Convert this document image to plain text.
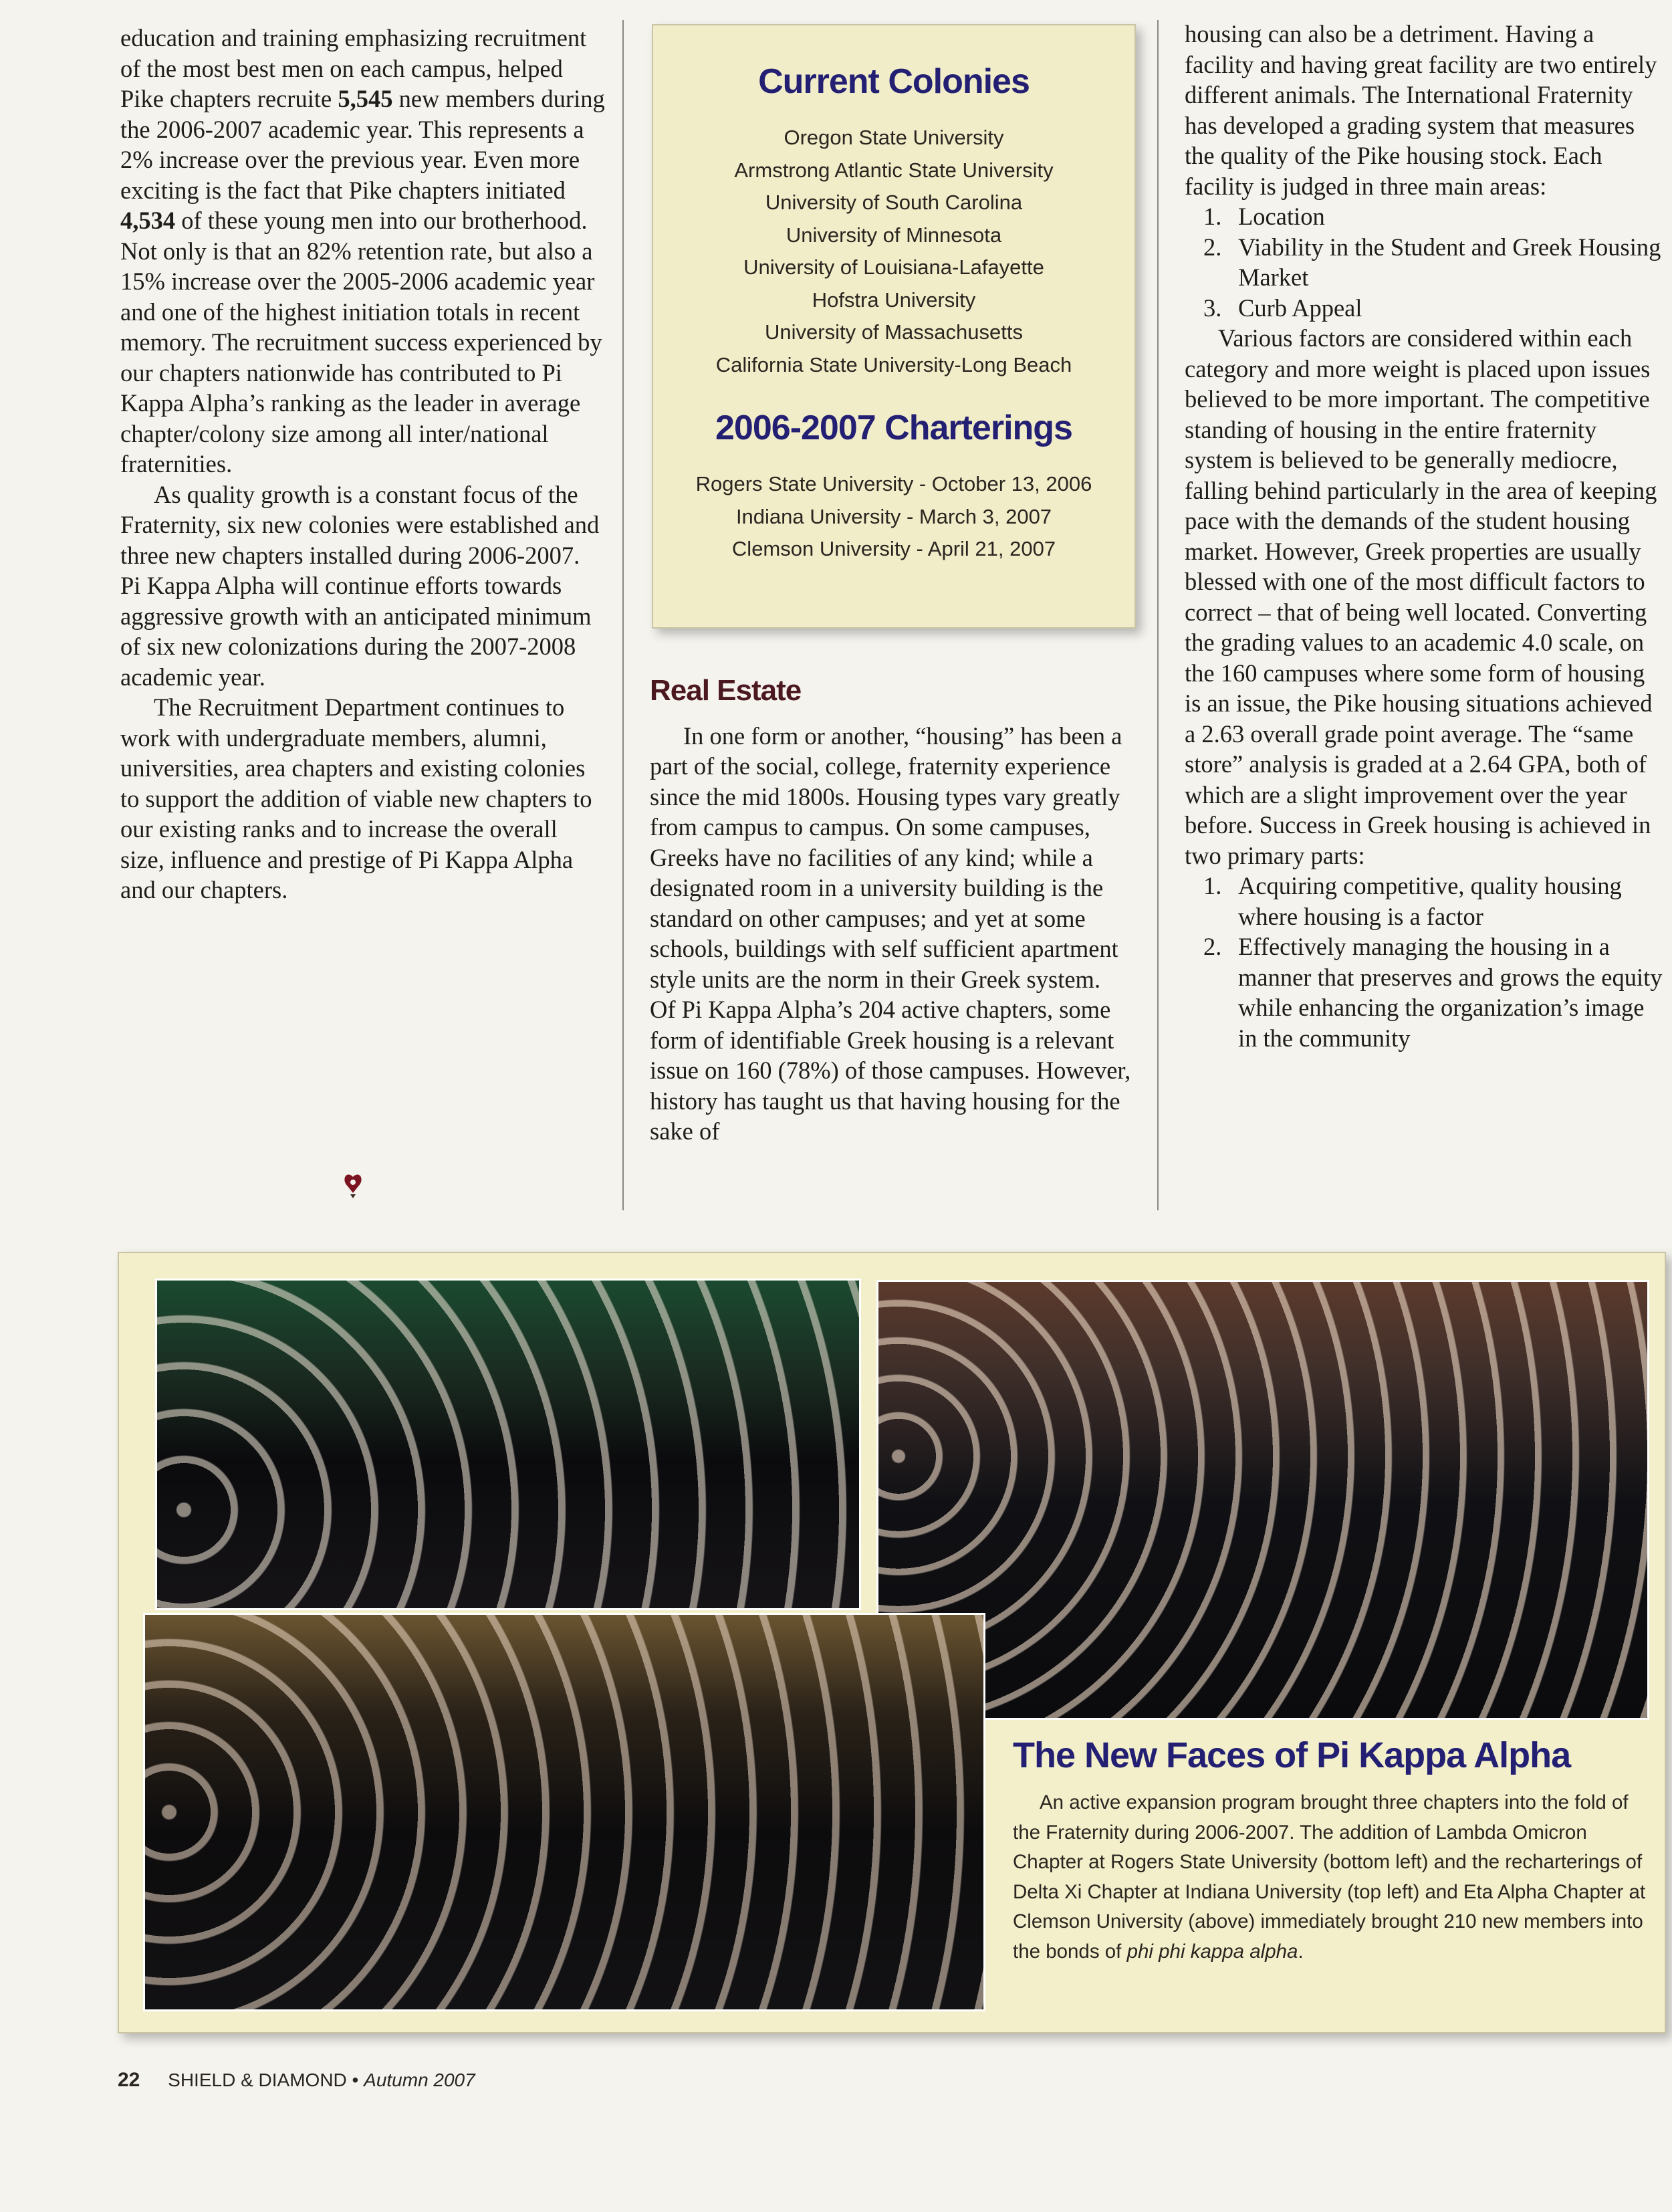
education and training emphasizing recruitment of the most best men on each campus, helped Pike chapters recruite 5,545 new members during the 2006-2007 academic year. This represents a 2% increase over the previous year. Even more exciting is the fact that Pike chapters initiated 4,534 of these young men into our brotherhood. Not only is that an 82% retention rate, but also a 15% increase over the 2005-2006 academic year and one of the highest initiation totals in recent memory. The recruitment success experienced by our chapters nationwide has contributed to Pi Kappa Alpha’s ranking as the leader in average chapter/colony size among all inter/national fraternities.

As quality growth is a constant focus of the Fraternity, six new colonies were established and three new chapters installed during 2006-2007. Pi Kappa Alpha will continue efforts towards aggressive growth with an anticipated minimum of six new colonizations during the 2007-2008 academic year.

The Recruitment Department continues to work with undergraduate members, alumni, universities, area chapters and existing colonies to support the addition of viable new chapters to our existing ranks and to increase the overall size, influence and prestige of Pi Kappa Alpha and our chapters.

Current Colonies
Oregon State University
Armstrong Atlantic State University
University of South Carolina
University of Minnesota
University of Louisiana-Lafayette
Hofstra University
University of Massachusetts
California State University-Long Beach
2006-2007 Charterings
Rogers State University - October 13, 2006
Indiana University - March 3, 2007
Clemson University - April 21, 2007
Real Estate

In one form or another, “housing” has been a part of the social, college, fraternity experience since the mid 1800s. Housing types vary greatly from campus to campus. On some campuses, Greeks have no facilities of any kind; while a designated room in a university building is the standard on other campuses; and yet at some schools, buildings with self sufficient apartment style units are the norm in their Greek system. Of Pi Kappa Alpha’s 204 active chapters, some form of identifiable Greek housing is a relevant issue on 160 (78%) of those campuses. However, history has taught us that having housing for the sake of

housing can also be a detriment. Having a facility and having great facility are two entirely different animals. The International Fraternity has developed a grading system that measures the quality of the Pike housing stock. Each facility is judged in three main areas:

1. Location
2. Viability in the Student and Greek Housing Market
3. Curb Appeal

Various factors are considered within each category and more weight is placed upon issues believed to be more important. The competitive standing of housing in the entire fraternity system is believed to be generally mediocre, falling behind particularly in the area of keeping pace with the demands of the student housing market. However, Greek properties are usually blessed with one of the most difficult factors to correct – that of being well located. Converting the grading values to an academic 4.0 scale, on the 160 campuses where some form of housing is an issue, the Pike housing situations achieved a 2.63 overall grade point average. The “same store” analysis is graded at a 2.64 GPA, both of which are a slight improvement over the year before. Success in Greek housing is achieved in two primary parts:

1. Acquiring competitive, quality housing where housing is a factor
2. Effectively managing the housing in a manner that preserves and grows the equity while enhancing the organization’s image in the community
The New Faces of Pi Kappa Alpha

An active expansion program brought three chapters into the fold of the Fraternity during 2006-2007. The addition of Lambda Omicron Chapter at Rogers State University (bottom left) and the recharterings of Delta Xi Chapter at Indiana University (top left) and Eta Alpha Chapter at Clemson University (above) immediately brought 210 new members into the bonds of phi phi kappa alpha.

22 SHIELD & DIAMOND • Autumn 2007
